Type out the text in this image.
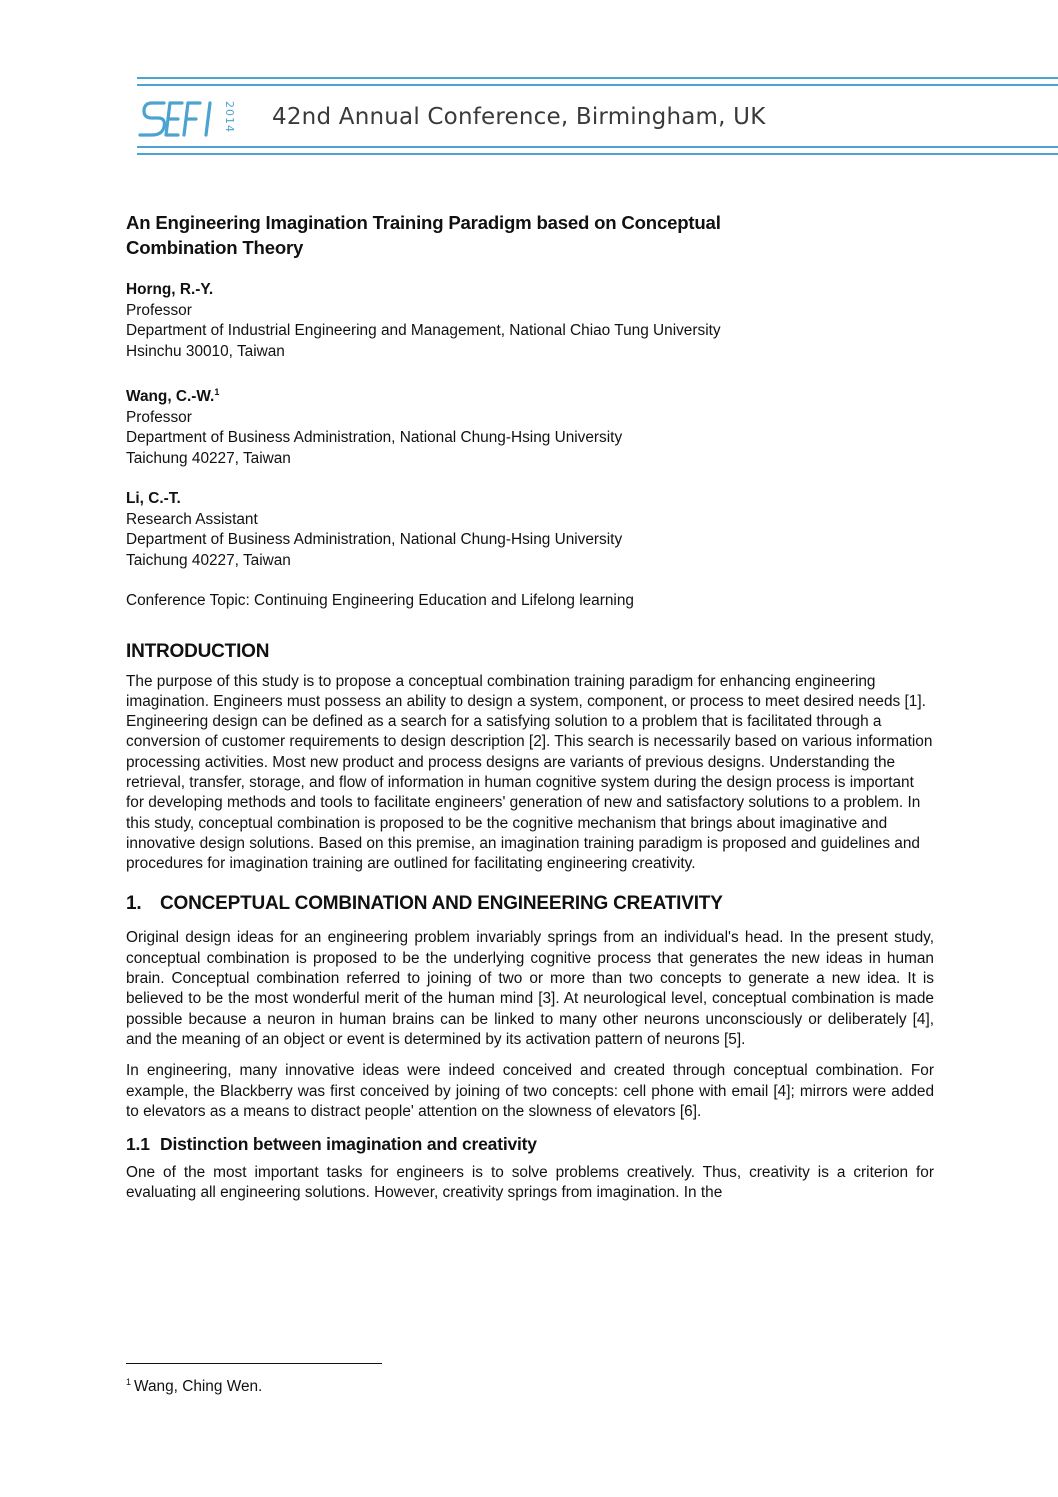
2014 42nd Annual Conference, Birmingham, UK
An Engineering Imagination Training Paradigm based on Conceptual
Combination Theory
Horng, R.-Y.
Professor
Department of Industrial Engineering and Management, National Chiao Tung University
Hsinchu 30010, Taiwan
Wang, C.-W.$^1$
Professor
Department of Business Administration, National Chung-Hsing University
Taichung 40227, Taiwan
Li, C.-T.
Research Assistant
Department of Business Administration, National Chung-Hsing University
Taichung 40227, Taiwan
Conference Topic: Continuing Engineering Education and Lifelong learning
INTRODUCTION

The purpose of this study is to propose a conceptual combination training paradigm for enhancing engineering imagination. Engineers must possess an ability to design a system, component, or process to meet desired needs [1]. Engineering design can be defined as a search for a satisfying solution to a problem that is facilitated through a conversion of customer requirements to design description [2]. This search is necessarily based on various information processing activities. Most new product and process designs are variants of previous designs. Understanding the retrieval, transfer, storage, and flow of information in human cognitive system during the design process is important for developing methods and tools to facilitate engineers' generation of new and satisfactory solutions to a problem. In this study, conceptual combination is proposed to be the cognitive mechanism that brings about imaginative and innovative design solutions. Based on this premise, an imagination training paradigm is proposed and guidelines and procedures for imagination training are outlined for facilitating engineering creativity.

1. CONCEPTUAL COMBINATION AND ENGINEERING CREATIVITY

Original design ideas for an engineering problem invariably springs from an individual's head. In the present study, conceptual combination is proposed to be the underlying cognitive process that generates the new ideas in human brain. Conceptual combination referred to joining of two or more than two concepts to generate a new idea. It is believed to be the most wonderful merit of the human mind [3]. At neurological level, conceptual combination is made possible because a neuron in human brains can be linked to many other neurons unconsciously or deliberately [4], and the meaning of an object or event is determined by its activation pattern of neurons [5].

In engineering, many innovative ideas were indeed conceived and created through conceptual combination. For example, the Blackberry was first conceived by joining of two concepts: cell phone with email [4]; mirrors were added to elevators as a means to distract people' attention on the slowness of elevators [6].

1.1 Distinction between imagination and creativity

One of the most important tasks for engineers is to solve problems creatively. Thus, creativity is a criterion for evaluating all engineering solutions. However, creativity springs from imagination. In the

$^1$ Wang, Ching Wen.
